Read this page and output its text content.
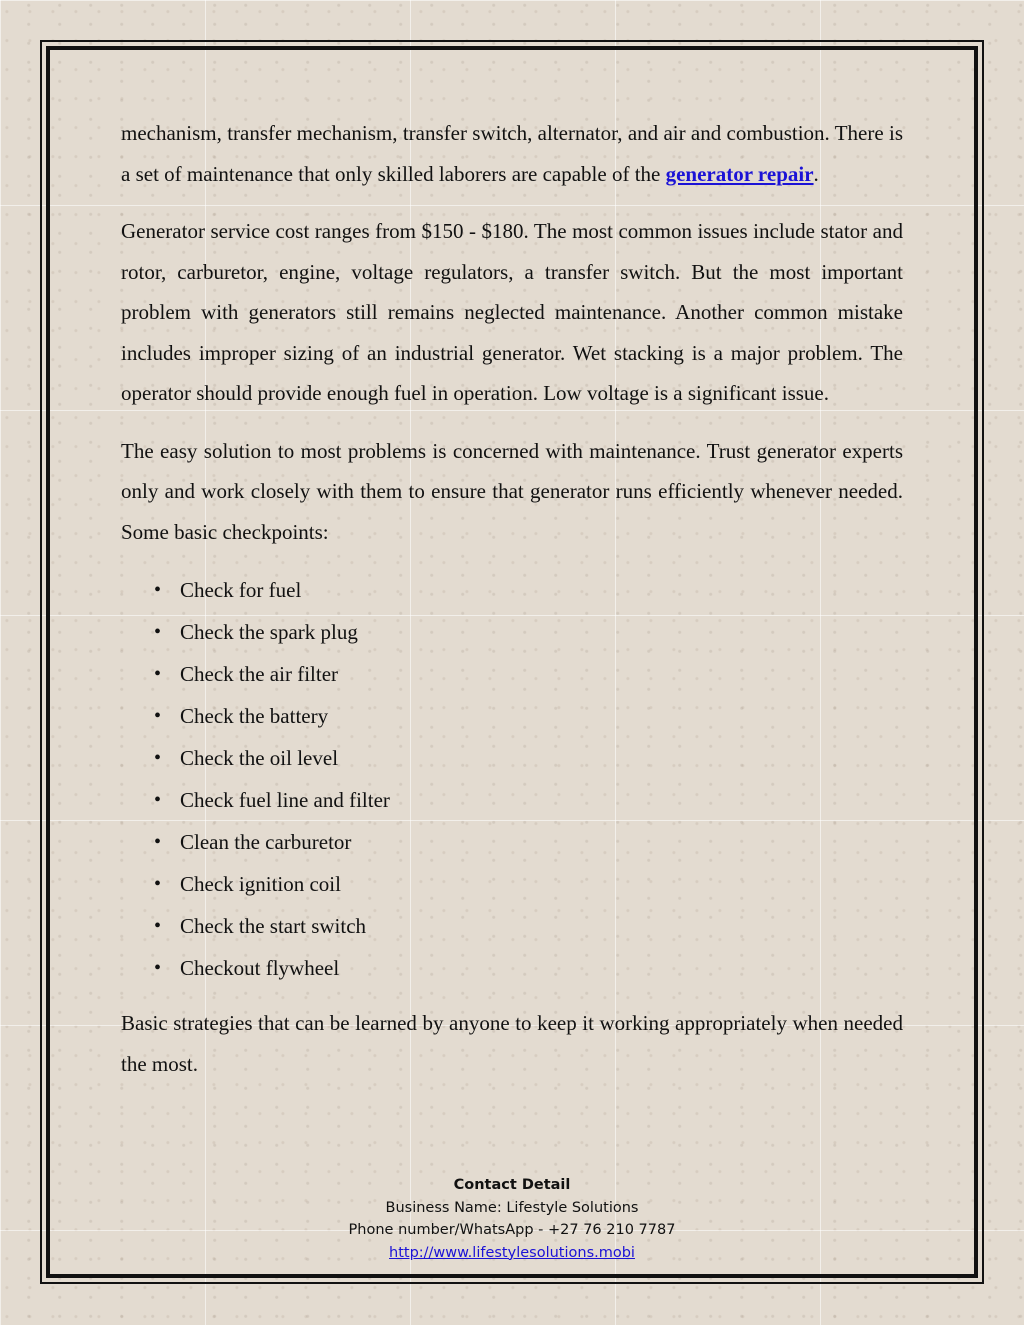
mechanism, transfer mechanism, transfer switch, alternator, and air and combustion. There is a set of maintenance that only skilled laborers are capable of the generator repair.

Generator service cost ranges from $150 - $180. The most common issues include stator and rotor, carburetor, engine, voltage regulators, a transfer switch. But the most important problem with generators still remains neglected maintenance. Another common mistake includes improper sizing of an industrial generator. Wet stacking is a major problem. The operator should provide enough fuel in operation. Low voltage is a significant issue.

The easy solution to most problems is concerned with maintenance. Trust generator experts only and work closely with them to ensure that generator runs efficiently whenever needed. Some basic checkpoints:

• Check for fuel
• Check the spark plug
• Check the air filter
• Check the battery
• Check the oil level
• Check fuel line and filter
• Clean the carburetor
• Check ignition coil
• Check the start switch
• Checkout flywheel

Basic strategies that can be learned by anyone to keep it working appropriately when needed the most.

Contact Detail
Business Name: Lifestyle Solutions
Phone number/WhatsApp - +27 76 210 7787
http://www.lifestylesolutions.mobi
